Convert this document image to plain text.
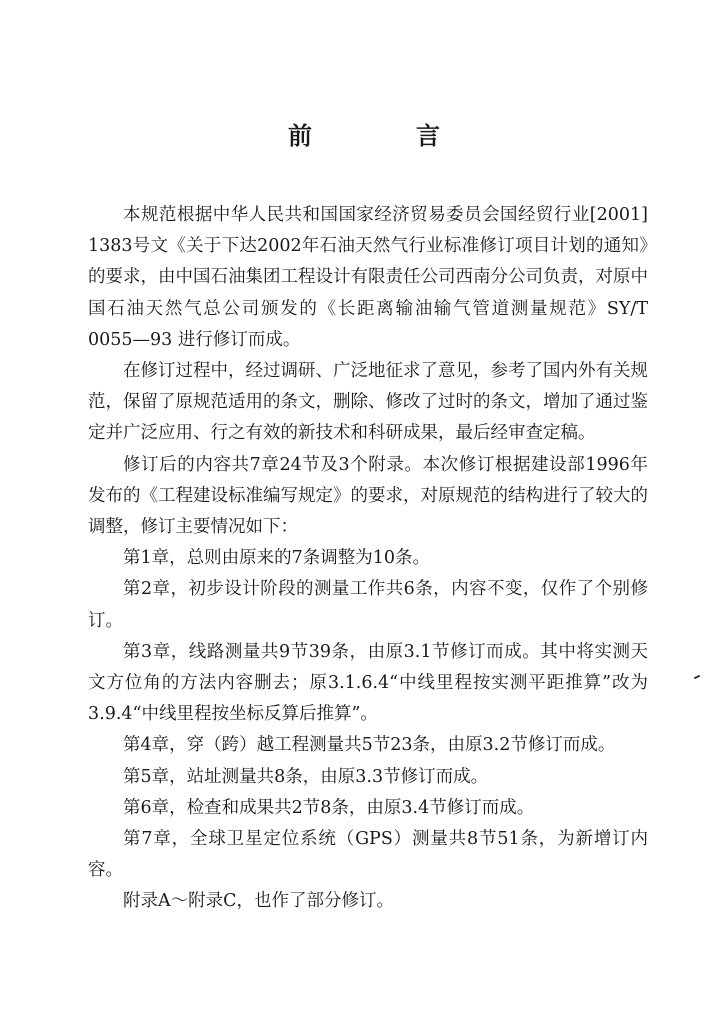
前　言

本规范根据中华人民共和国国家经济贸易委员会国经贸行业[2001] 1383号文《关于下达2002年石油天然气行业标准修订项目计划的通知》的要求，由中国石油集团工程设计有限责任公司西南分公司负责，对原中国石油天然气总公司颁发的《长距离输油输气管道测量规范》SY/T 0055—93 进行修订而成。

在修订过程中，经过调研、广泛地征求了意见，参考了国内外有关规范，保留了原规范适用的条文，删除、修改了过时的条文，增加了通过鉴定并广泛应用、行之有效的新技术和科研成果，最后经审查定稿。

修订后的内容共7章24节及3个附录。本次修订根据建设部1996年发布的《工程建设标准编写规定》的要求，对原规范的结构进行了较大的调整，修订主要情况如下：

第1章，总则由原来的7条调整为10条。

第2章，初步设计阶段的测量工作共6条，内容不变，仅作了个别修订。

第3章，线路测量共9节39条，由原3.1节修订而成。其中将实测天文方位角的方法内容删去；原3.1.6.4“中线里程按实测平距推算”改为3.9.4“中线里程按坐标反算后推算”。

第4章，穿（跨）越工程测量共5节23条，由原3.2节修订而成。

第5章，站址测量共8条，由原3.3节修订而成。

第6章，检查和成果共2节8条，由原3.4节修订而成。

第7章，全球卫星定位系统（GPS）测量共8节51条，为新增订内容。

附录A～附录C，也作了部分修订。
